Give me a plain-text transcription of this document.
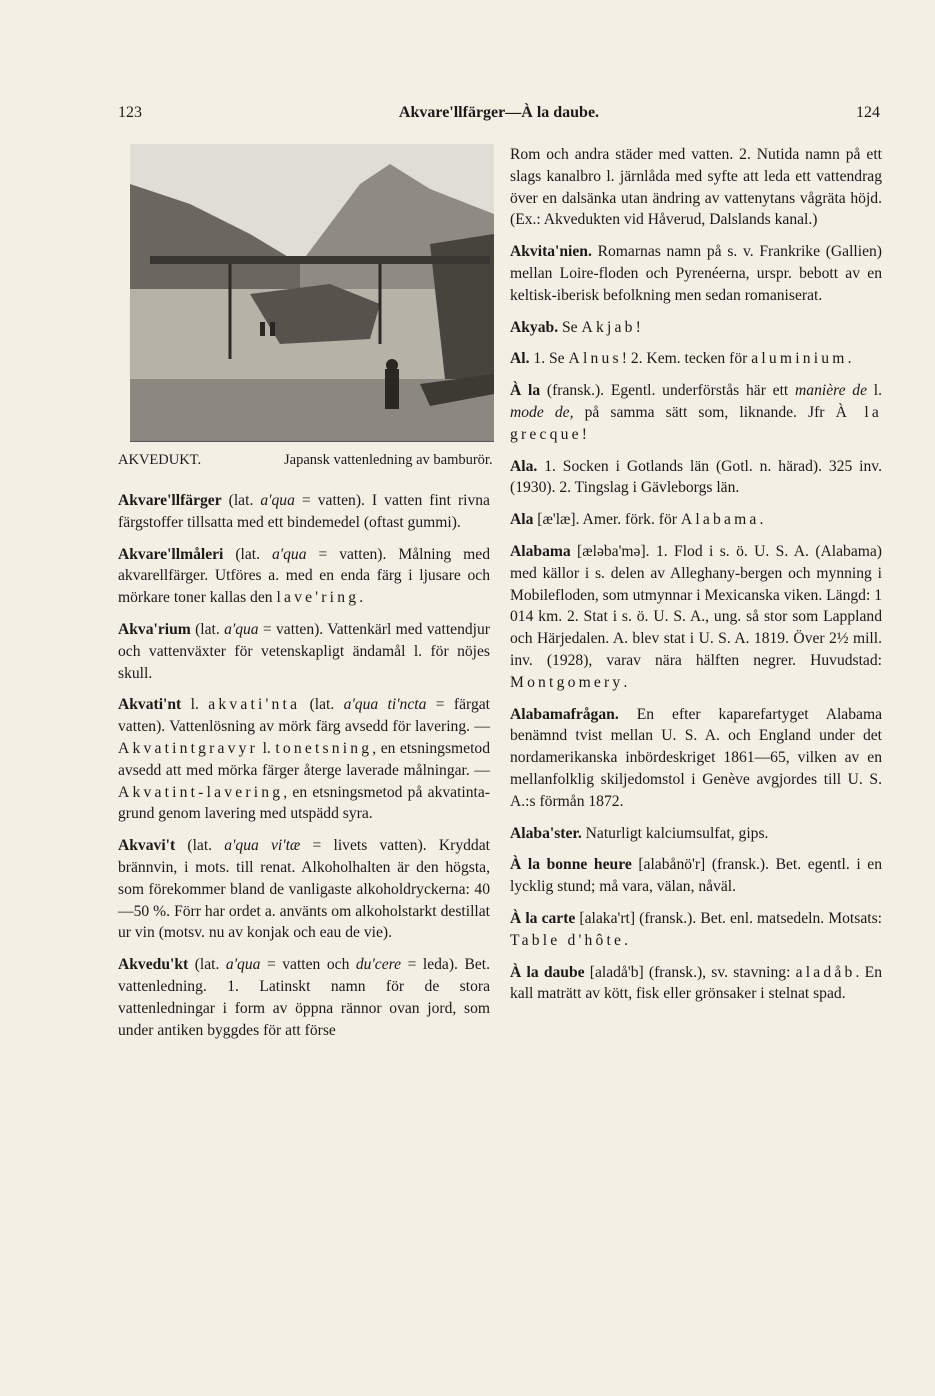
123	Akvare'llfärger—À la daube.	124
AKVEDUKT.	Japansk vattenledning av bamburör.

Akvare'llfärger (lat. a'qua = vatten). I vatten fint rivna färgstoffer tillsatta med ett bindemedel (oftast gummi).

Akvare'llmåleri (lat. a'qua = vatten). Målning med akvarellfärger. Utföres a. med en enda färg i ljusare och mörkare toner kallas den lave'ring.

Akva'rium (lat. a'qua = vatten). Vattenkärl med vattendjur och vattenväxter för vetenskapligt ändamål l. för nöjes skull.

Akvati'nt l. akvati'nta (lat. a'qua ti'ncta = färgat vatten). Vattenlösning av mörk färg avsedd för lavering. — Akvatintgravyr l. tonetsning, en etsningsmetod avsedd att med mörka färger återge laverade målningar. — Akvatint-lavering, en etsningsmetod på akvatinta-grund genom lavering med utspädd syra.

Akvavi't (lat. a'qua vi'tæ = livets vatten). Kryddat brännvin, i mots. till renat. Alkoholhalten är den högsta, som förekommer bland de vanligaste alkoholdryckerna: 40—50 %. Förr har ordet a. använts om alkoholstarkt destillat ur vin (motsv. nu av konjak och eau de vie).

Akvedu'kt (lat. a'qua = vatten och du'cere = leda). Bet. vattenledning. 1. Latinskt namn för de stora vattenledningar i form av öppna rännor ovan jord, som under antiken byggdes för att förse

Rom och andra städer med vatten. 2. Nutida namn på ett slags kanalbro l. järnlåda med syfte att leda ett vattendrag över en dalsänka utan ändring av vattenytans vågräta höjd. (Ex.: Akvedukten vid Håverud, Dalslands kanal.)

Akvita'nien. Romarnas namn på s. v. Frankrike (Gallien) mellan Loire-floden och Pyrenéerna, urspr. bebott av en keltisk-iberisk befolkning men sedan romaniserat.

Akyab. Se Akjab!

Al. 1. Se Alnus! 2. Kem. tecken för aluminium.

À la (fransk.). Egentl. underförstås här ett manière de l. mode de, på samma sätt som, liknande. Jfr À la grecque!

Ala. 1. Socken i Gotlands län (Gotl. n. härad). 325 inv. (1930). 2. Tingslag i Gävleborgs län.

Ala [æ'læ]. Amer. förk. för Alabama.

Alabama [æləba'mə]. 1. Flod i s. ö. U. S. A. (Alabama) med källor i s. delen av Alleghany-bergen och mynning i Mobilefloden, som utmynnar i Mexicanska viken. Längd: 1 014 km. 2. Stat i s. ö. U. S. A., ung. så stor som Lappland och Härjedalen. A. blev stat i U. S. A. 1819. Över 2½ mill. inv. (1928), varav nära hälften negrer. Huvudstad: Montgomery.

Alabamafrågan. En efter kaparefartyget Alabama benämnd tvist mellan U. S. A. och England under det nordamerikanska inbördeskriget 1861—65, vilken av en mellanfolklig skiljedomstol i Genève avgjordes till U. S. A.:s förmån 1872.

Alaba'ster. Naturligt kalciumsulfat, gips.

À la bonne heure [alabånö'r] (fransk.). Bet. egentl. i en lycklig stund; må vara, välan, nåväl.

À la carte [alaka'rt] (fransk.). Bet. enl. matsedeln. Motsats: Table d'hôte.

À la daube [aladå'b] (fransk.), sv. stavning: aladåb. En kall maträtt av kött, fisk eller grönsaker i stelnat spad.
